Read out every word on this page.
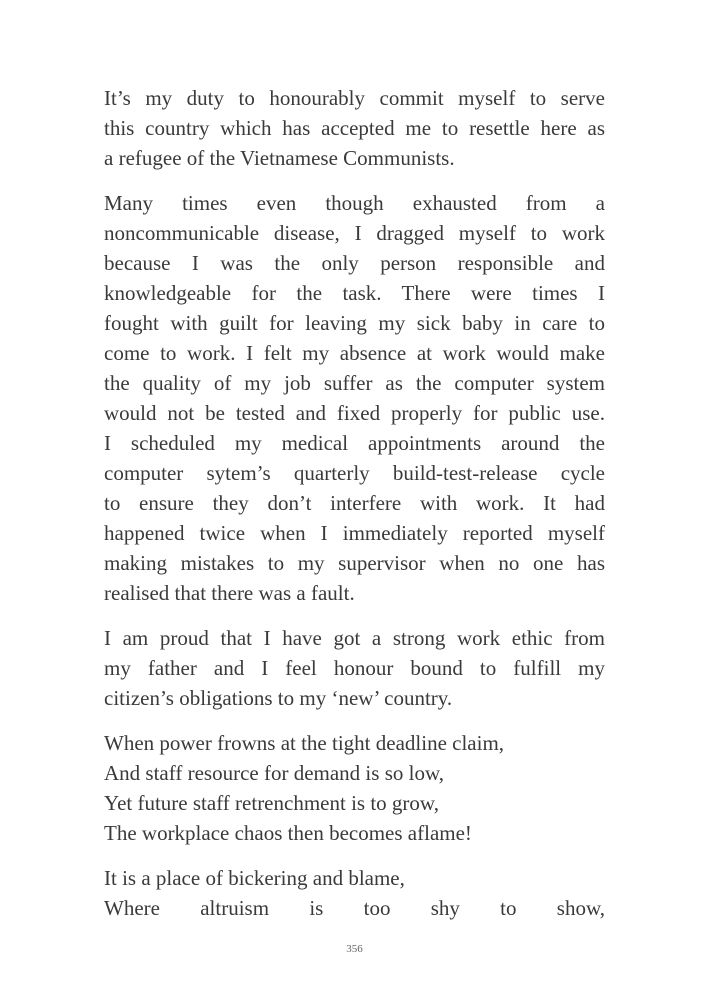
It’s my duty to honourably commit myself to serve
this country which has accepted me to resettle here as
a refugee of the Vietnamese Communists.
Many times even though exhausted from a
noncommunicable disease, I dragged myself to work
because I was the only person responsible and
knowledgeable for the task. There were times I
fought with guilt for leaving my sick baby in care to
come to work. I felt my absence at work would make
the quality of my job suffer as the computer system
would not be tested and fixed properly for public use.
I scheduled my medical appointments around the
computer sytem’s quarterly build-test-release cycle
to ensure they don’t interfere with work. It had
happened twice when I immediately reported myself
making mistakes to my supervisor when no one has
realised that there was a fault.
I am proud that I have got a strong work ethic from
my father and I feel honour bound to fulfill my
citizen’s obligations to my ‘new’ country.
When power frowns at the tight deadline claim,
And staff resource for demand is so low,
Yet future staff retrenchment is to grow,
The workplace chaos then becomes aflame!
It is a place of bickering and blame,
Where altruism is too shy to show,
356
